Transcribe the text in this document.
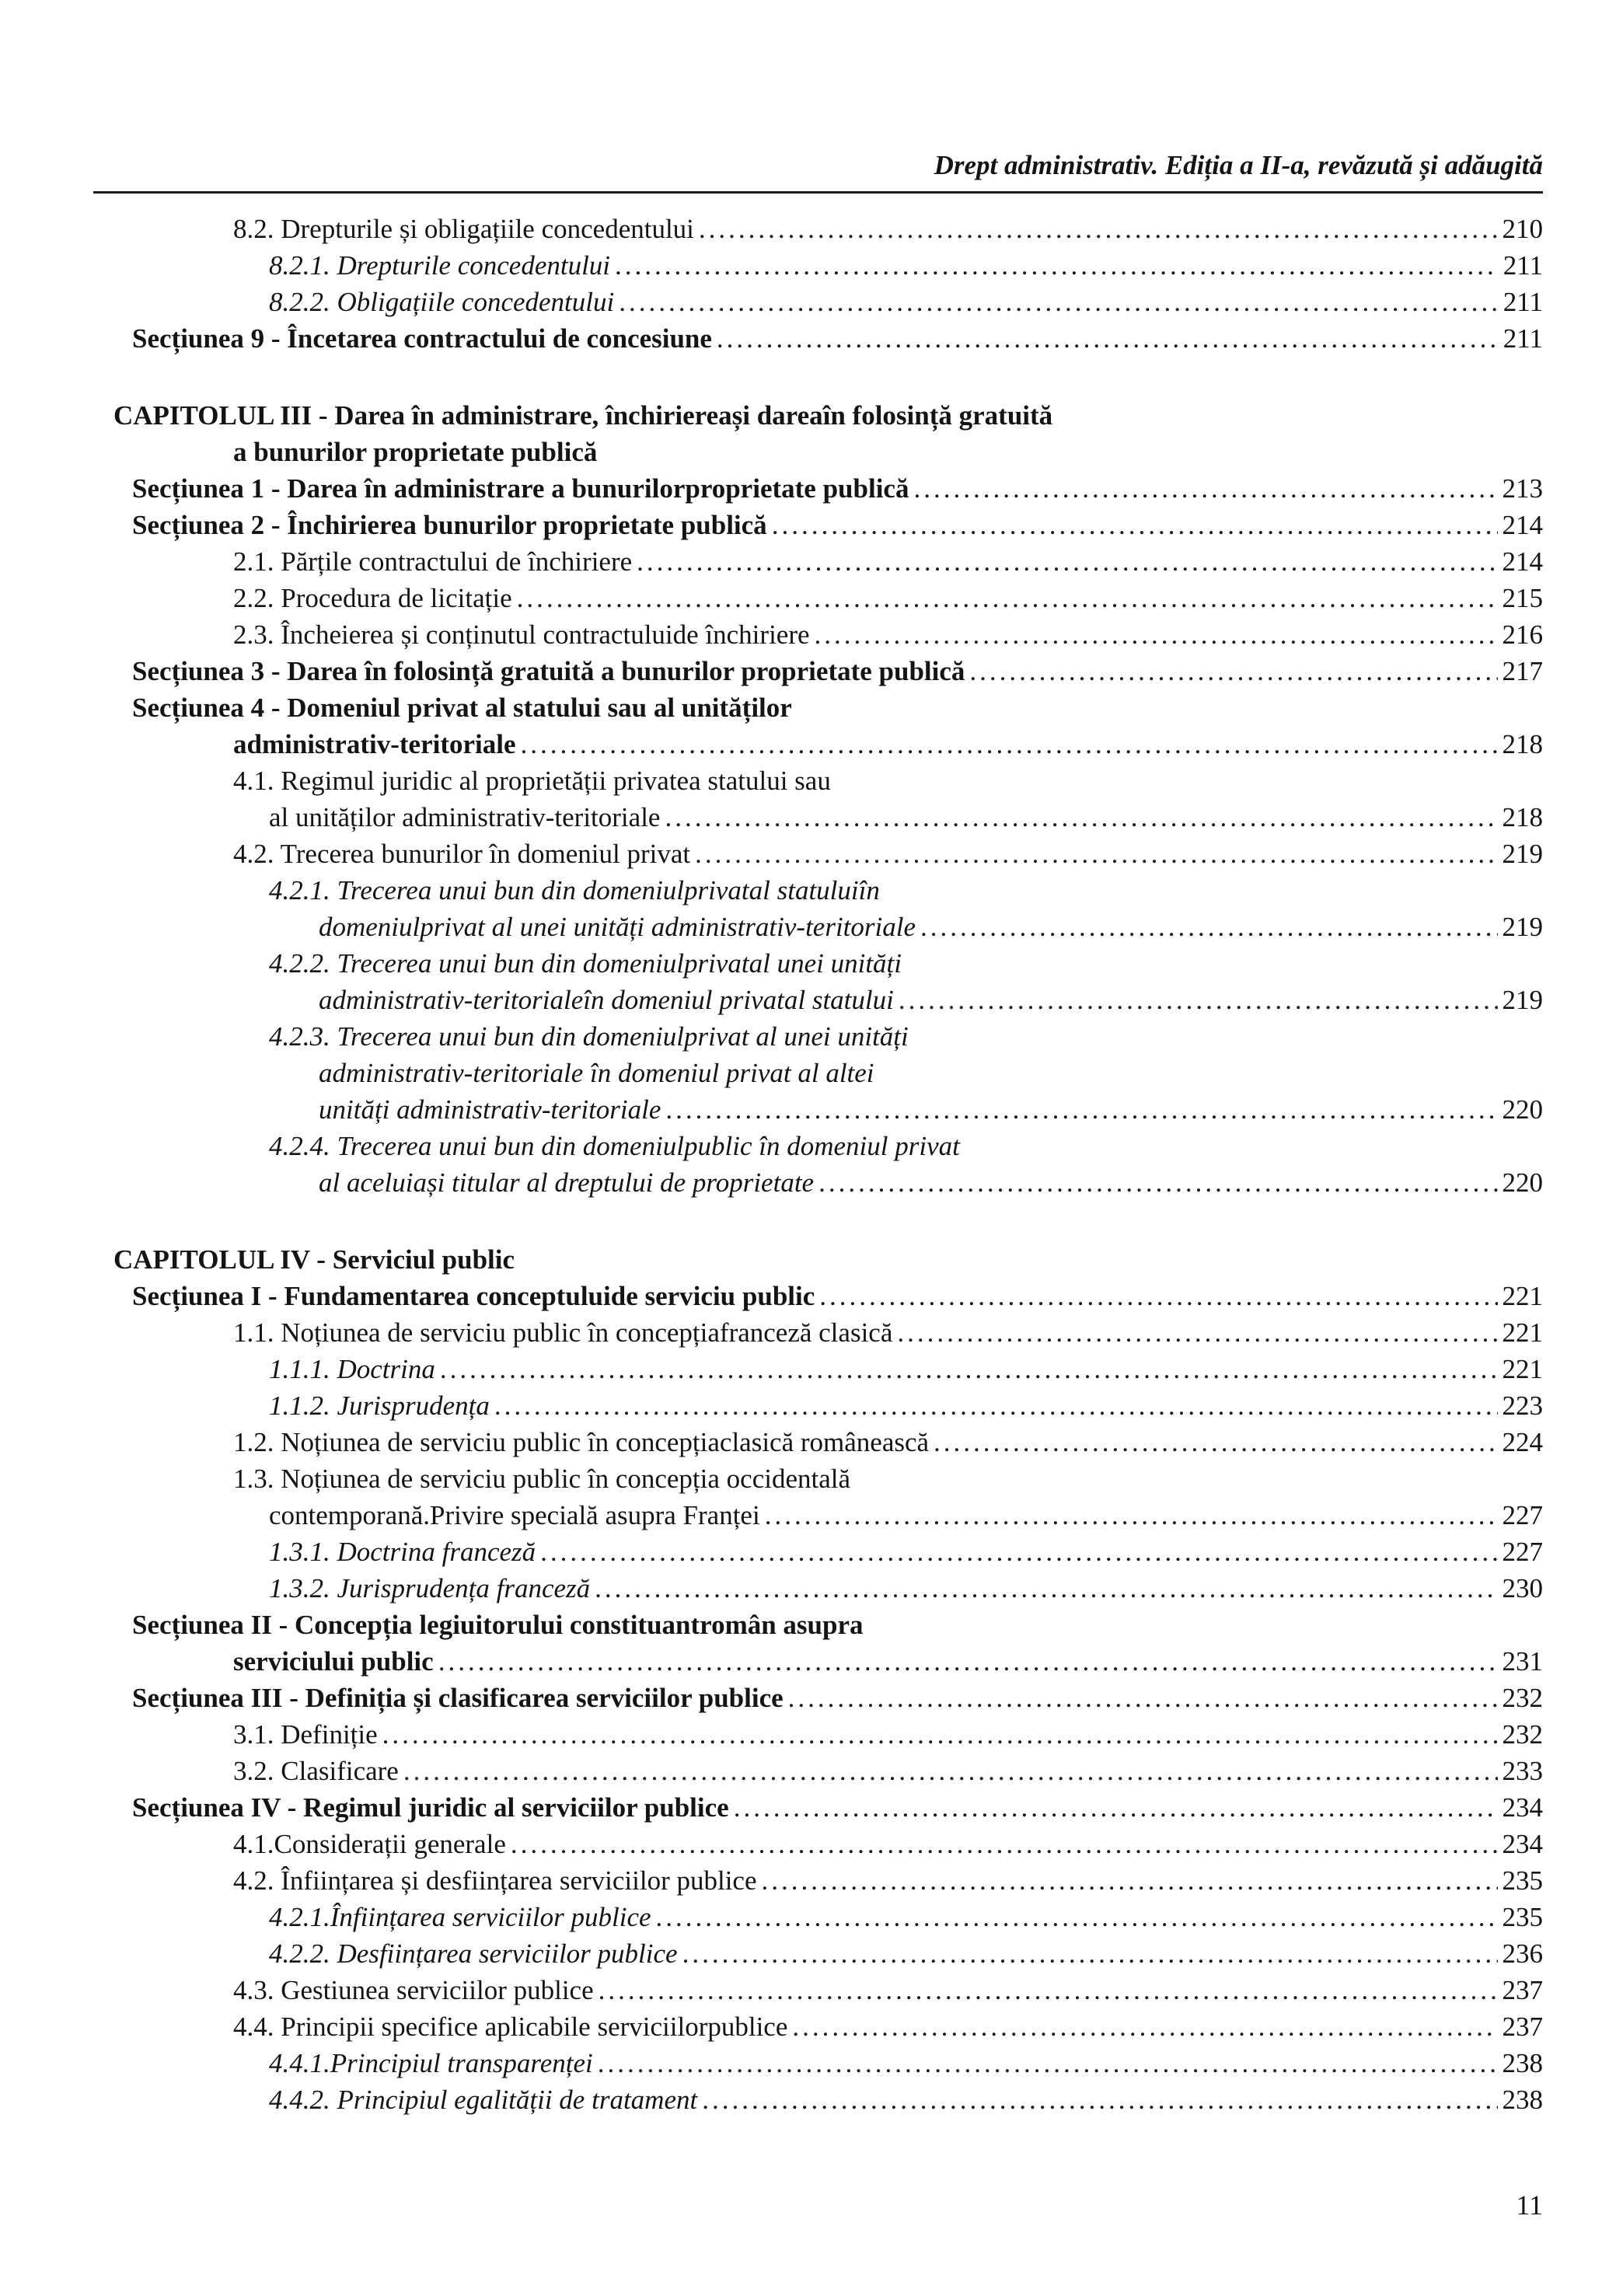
Drept administrativ. Ediția a II-a, revăzută și adăugită
8.2. Drepturile și obligațiile concedentului .....	210
8.2.1. Drepturile concedentului .....	211
8.2.2. Obligațiile concedentului .....	211
Secțiunea 9 - Încetarea contractului de concesiune .....	211
CAPITOLUL III - Darea în administrare, închiriereași dareaîn folosință gratuită
a bunurilor proprietate publică
Secțiunea 1 - Darea în administrare a bunurilorproprietate publică .....	213
Secțiunea 2 - Închirierea bunurilor proprietate publică .....	214
2.1. Părțile contractului de închiriere .....	214
2.2. Procedura de licitație .....	215
2.3. Încheierea și conținutul contractuluide închiriere .....	216
Secțiunea 3 - Darea în folosință gratuită a bunurilor proprietate publică .....	217
Secțiunea 4 - Domeniul privat al statului sau al unităților
administrativ-teritoriale .....	218
4.1. Regimul juridic al proprietății privatea statului sau
al unităților administrativ-teritoriale .....	218
4.2. Trecerea bunurilor în domeniul privat .....	219
4.2.1. Trecerea unui bun din domeniulprivatal statuluiîn
domeniulprivat al unei unități administrativ-teritoriale .....	219
4.2.2. Trecerea unui bun din domeniulprivatal unei unități
administrativ-teritorialeîn domeniul privatal statului .....	219
4.2.3. Trecerea unui bun din domeniulprivat al unei unități
administrativ-teritoriale în domeniul privat al altei
unități administrativ-teritoriale .....	220
4.2.4. Trecerea unui bun din domeniulpublic în domeniul privat
al aceluiași titular al dreptului de proprietate .....	220
CAPITOLUL IV - Serviciul public
Secțiunea I - Fundamentarea conceptuluide serviciu public .....	221
1.1. Noțiunea de serviciu public în concepțiafranceză clasică .....	221
1.1.1. Doctrina .....	221
1.1.2. Jurisprudența .....	223
1.2. Noțiunea de serviciu public în concepțiaclasică românească .....	224
1.3. Noțiunea de serviciu public în concepția occidentală
contemporană.Privire specială asupra Franței .....	227
1.3.1. Doctrina franceză .....	227
1.3.2. Jurisprudența franceză .....	230
Secțiunea II - Concepția legiuitorului constituantromân asupra
serviciului public .....	231
Secțiunea III - Definiția și clasificarea serviciilor publice .....	232
3.1. Definiție .....	232
3.2. Clasificare .....	233
Secțiunea IV - Regimul juridic al serviciilor publice .....	234
4.1.Considerații generale .....	234
4.2. Înființarea și desființarea serviciilor publice .....	235
4.2.1.Înființarea serviciilor publice .....	235
4.2.2. Desființarea serviciilor publice .....	236
4.3. Gestiunea serviciilor publice .....	237
4.4. Principii specifice aplicabile serviciilorpublice .....	237
4.4.1.Principiul transparenței .....	238
4.4.2. Principiul egalității de tratament .....	238
11
